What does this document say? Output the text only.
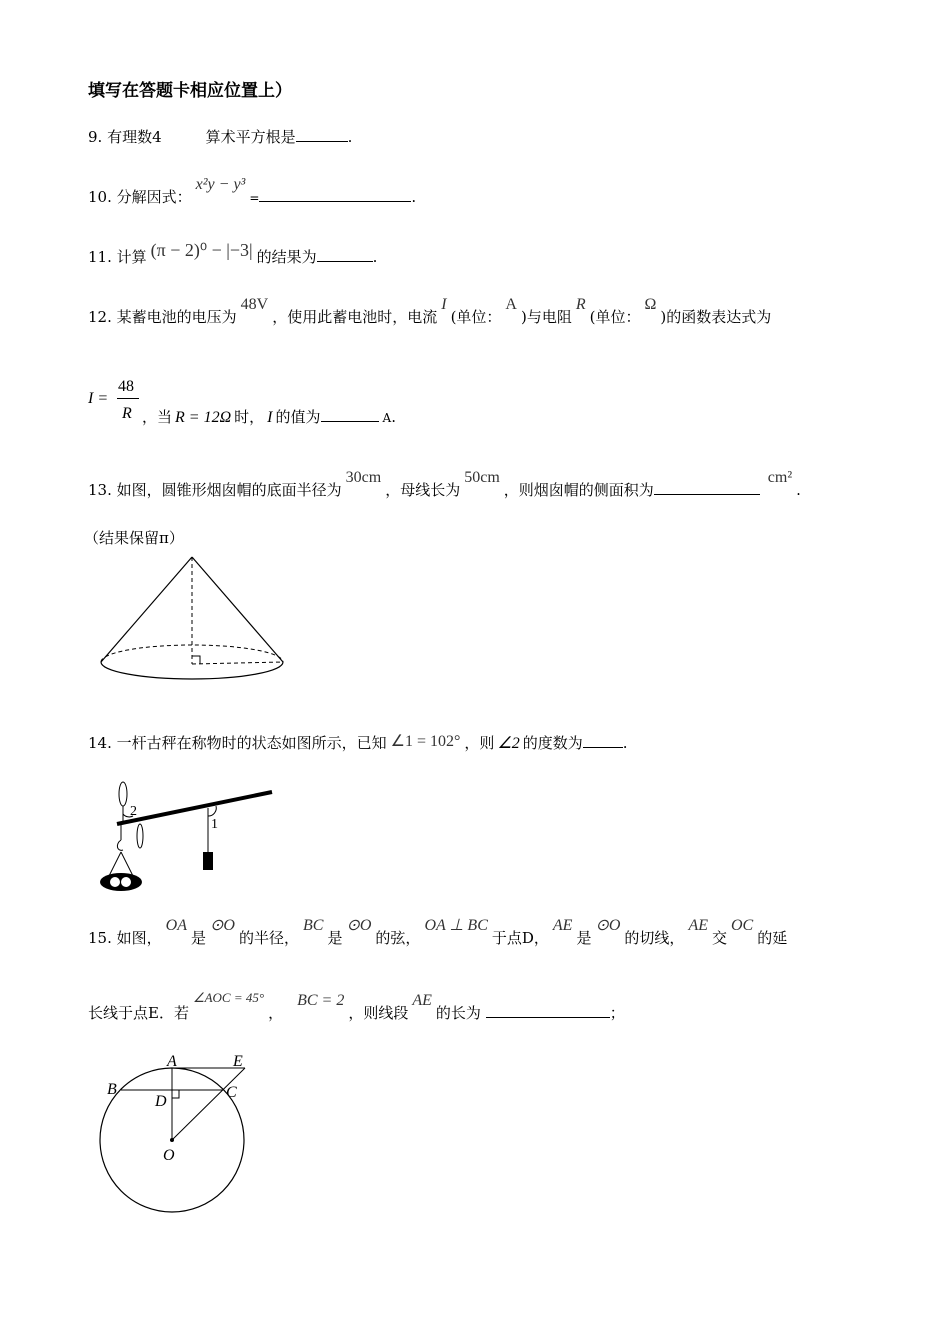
填写在答题卡相应位置上）
9.
有理数4	算术平方根是	.
10.
分解因式：
x²y − y³
=	.
11.
计算 (π − 2)⁰ − |−3| 的结果为	.
12.
某蓄电池的电压为
48V
，使用此蓄电池时，电流
I
(单位：
A
)与电阻
R
(单位：
Ω
)的函数表达式为
I =
48
R ，当 R = 12Ω 时， I 的值为	A .
13.
如图，圆锥形烟囱帽的底面半径为
30cm
，母线长为
50cm
，则烟囱帽的侧面积为
cm²
.
（结果保留π）
14.
一杆古秤在称物时的状态如图所示，已知 ∠1 = 102° ，则 ∠2 的度数为	.
2
1
15.
如图，
OA
是
⊙O
的半径，
BC
是
⊙O
的弦，
OA ⊥ BC
于点D，
AE
是
⊙O
的切线，
AE
交
OC
的延
长线于点E．若
∠AOC = 45°
，
BC = 2
，则线段
AE
的长为
	；
A	E
B
D
C
O
